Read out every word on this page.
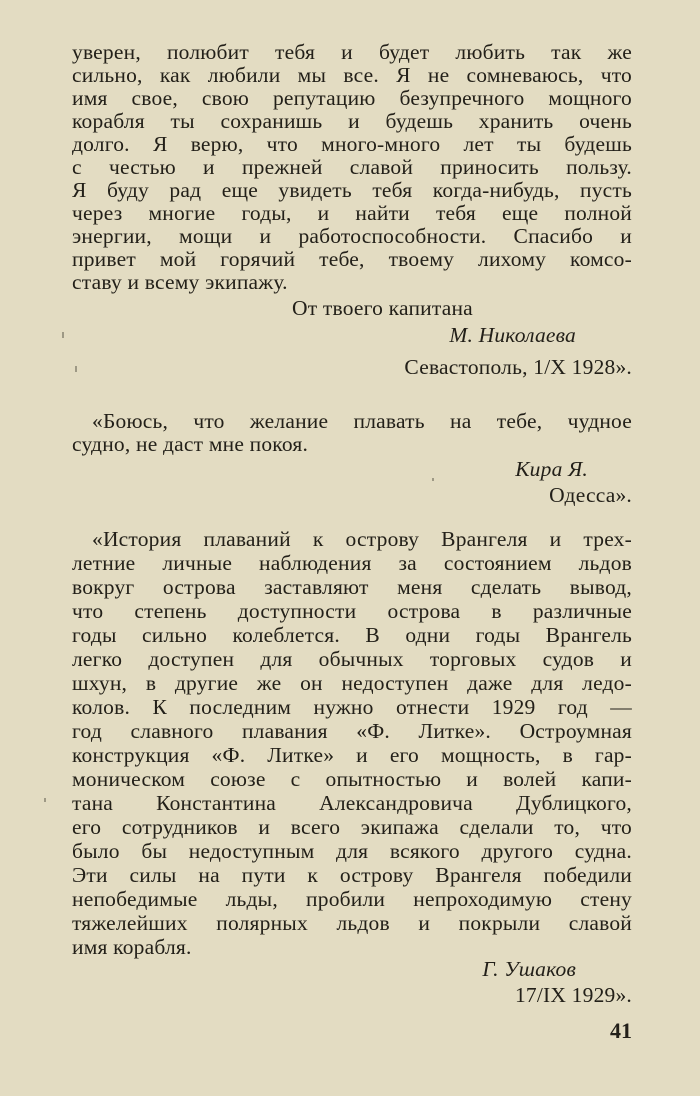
уверен, полюбит тебя и будет любить так же
сильно, как любили мы все. Я не сомневаюсь, что
имя свое, свою репутацию безупречного мощного
корабля ты сохранишь и будешь хранить очень
долго. Я верю, что много-много лет ты будешь
с честью и прежней славой приносить пользу.
Я буду рад еще увидеть тебя когда-нибудь, пусть
через многие годы, и найти тебя еще полной
энергии, мощи и работоспособности. Спасибо и
привет мой горячий тебе, твоему лихому комсо-
ставу и всему экипажу.
От твоего капитана
М. Николаева
Севастополь, 1/X 1928».
«Боюсь, что желание плавать на тебе, чудное
судно, не даст мне покоя.
Кира Я.
Одесса».
«История плаваний к острову Врангеля и трех-
летние личные наблюдения за состоянием льдов
вокруг острова заставляют меня сделать вывод,
что степень доступности острова в различные
годы сильно колеблется. В одни годы Врангель
легко доступен для обычных торговых судов и
шхун, в другие же он недоступен даже для ледо-
колов. К последним нужно отнести 1929 год —
год славного плавания «Ф. Литке». Остроумная
конструкция «Ф. Литке» и его мощность, в гар-
моническом союзе с опытностью и волей капи-
тана Константина Александровича Дублицкого,
его сотрудников и всего экипажа сделали то, что
было бы недоступным для всякого другого судна.
Эти силы на пути к острову Врангеля победили
непобедимые льды, пробили непроходимую стену
тяжелейших полярных льдов и покрыли славой
имя корабля.
Г. Ушаков
17/IX 1929».
41
